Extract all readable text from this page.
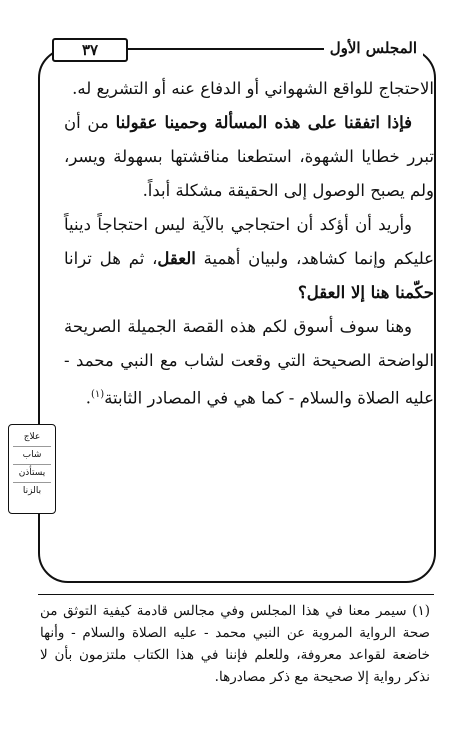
المجلس الأول
٣٧

الاحتجاج للواقع الشهواني أو الدفاع عنه أو التشريع له.

فإذا اتفقنا على هذه المسألة وحمينا عقولنا من أن تبرر خطايا الشهوة، استطعنا مناقشتها بسهولة ويسر، ولم يصبح الوصول إلى الحقيقة مشكلة أبداً.

وأريد أن أؤكد أن احتجاجي بالآية ليس احتجاجاً دينياً عليكم وإنما كشاهد، ولبيان أهمية العقل، ثم هل ترانا حكّمنا هنا إلا العقل؟

وهنا سوف أسوق لكم هذه القصة الجميلة الصريحة الواضحة الصحيحة التي وقعت لشاب مع النبي محمد - عليه الصلاة والسلام - كما هي في المصادر الثابتة$^{(١)}$.

علاج
شاب
يستأذن
بالزنا

(١) سيمر معنا في هذا المجلس وفي مجالس قادمة كيفية التوثق من صحة الرواية المروية عن النبي محمد - عليه الصلاة والسلام - وأنها خاضعة لقواعد معروفة، وللعلم فإننا في هذا الكتاب ملتزمون بأن لا نذكر رواية إلا صحيحة مع ذكر مصادرها.
